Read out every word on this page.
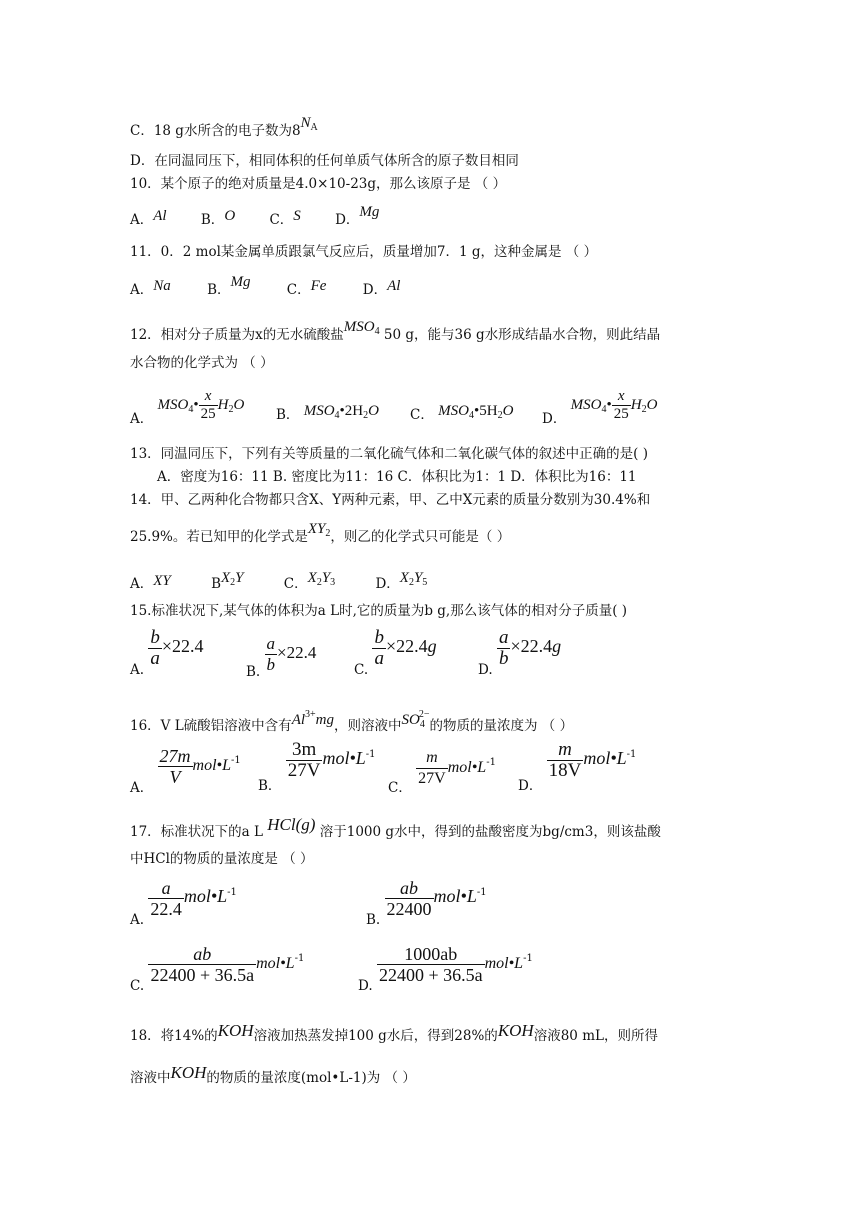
C．18 g水所含的电子数为$8N_A$
D．在同温同压下，相同体积的任何单质气体所含的原子数目相同
10．某个原子的绝对质量是4.0×10-23g，那么该原子是 （ ）
A．Al	B．O	C．S	D．Mg
11．0．2 mol某金属单质跟氯气反应后，质量增加7．1 g，这种金属是 （ ）
A．Na	B．Mg	C．Fe	D．Al
12．相对分子质量为x的无水硫酸盐$MSO_4$ 50 g，能与36 g水形成结晶水合物，则此结晶
水合物的化学式为 （ ）
A． $MSO_4• \frac{x}{25} H_2O$
B． $MSO_4•2H_2O$ C． $MSO_4•5H_2O$ D． $MSO_4• \frac{x}{25} H_2O$
13．同温同压下，下列有关等质量的二氧化硫气体和二氧化碳气体的叙述中正确的是( )
A．密度为16：11 B. 密度比为11：16 C．体积比为1：1 D．体积比为16：11
14．甲、乙两种化合物都只含X、Y两种元素，甲、乙中X元素的质量分数别为30.4%和
25.9%。若已知甲的化学式是$XY_2$，则乙的化学式只可能是（ ）
A．XY	$BX_2Y$	C．$X_2Y_3$	D．$X_2Y_5$
15.标准状况下,某气体的体积为a L时,它的质量为b g,那么该气体的相对分子质量( )
A.
$\frac{b}{a} \times 22.4$
B. $\frac{a}{b} \times 22.4$
C.
$\frac{b}{a} \times 22.4g$
D.
$\frac{a}{b} \times 22.4g$
16．V L硫酸铝溶液中含有$Al^{3+}mg$，则溶液中$SO_4^{2-}$的物质的量浓度为 （ ）
A．
$\frac{27m}{V}$ $mol•L^{-1}$
B．
$\frac{3m}{27V}$ $mol•L^{-1}$
C． $\frac{m}{27V}$ $mol•L^{-1}$
D．
$\frac{m}{18V}$ $mol•L^{-1}$
17．标准状况下的a L HCl(g) 溶于1000 g水中，得到的盐酸密度为bg/cm3，则该盐酸
中HCl的物质的量浓度是 （ ）
A.
$\frac{a}{22.4}$ $mol•L^{-1}$
B.
$\frac{ab}{22400}$ $mol•L^{-1}$
C.
$\frac{ab}{22400 + 36.5a}$ $mol•L^{-1}$
D.
$\frac{1000ab}{22400 + 36.5a}$ $mol•L^{-1}$
18．将14%的KOH溶液加热蒸发掉100 g水后，得到28%的KOH溶液80 mL，则所得
溶液中KOH的物质的量浓度(mol•L-1)为 （ ）
